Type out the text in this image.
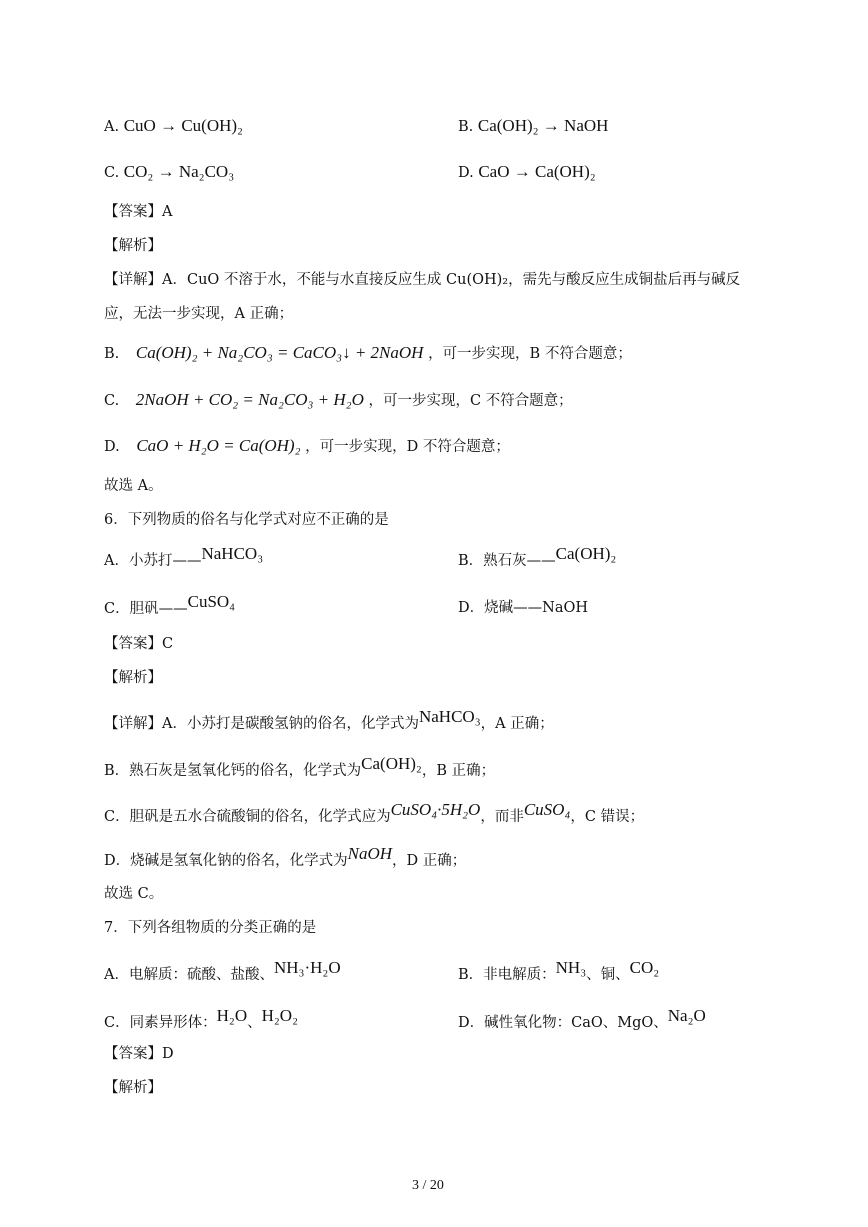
A. CuO → Cu(OH)₂	B. Ca(OH)₂ → NaOH
C. CO₂ → Na₂CO₃	D. CaO → Ca(OH)₂
【答案】A
【解析】
【详解】A．CuO 不溶于水，不能与水直接反应生成 Cu(OH)₂，需先与酸反应生成铜盐后再与碱反
应，无法一步实现，A 正确；
B. Ca(OH)₂ + Na₂CO₃ = CaCO₃↓ + 2NaOH ，可一步实现，B 不符合题意；
C. 2NaOH + CO₂ = Na₂CO₃ + H₂O ，可一步实现，C 不符合题意；
D. CaO + H₂O = Ca(OH)₂ ，可一步实现，D 不符合题意；
故选 A。
6．下列物质的俗名与化学式对应不正确的是
A．小苏打——NaHCO₃	B．熟石灰——Ca(OH)₂
C．胆矾——CuSO₄	D．烧碱——NaOH
【答案】C
【解析】
【详解】A．小苏打是碳酸氢钠的俗名，化学式为NaHCO₃，A 正确；
B．熟石灰是氢氧化钙的俗名，化学式为Ca(OH)₂，B 正确；
C．胆矾是五水合硫酸铜的俗名，化学式应为CuSO₄·5H₂O，而非CuSO₄，C 错误；
D．烧碱是氢氧化钠的俗名，化学式为NaOH，D 正确；
故选 C。
7．下列各组物质的分类正确的是
A．电解质：硫酸、盐酸、NH₃·H₂O	B．非电解质：NH₃、铜、CO₂
C．同素异形体：H₂O、H₂O₂	D．碱性氧化物：CaO、MgO、Na₂O
【答案】D
【解析】
3 / 20
